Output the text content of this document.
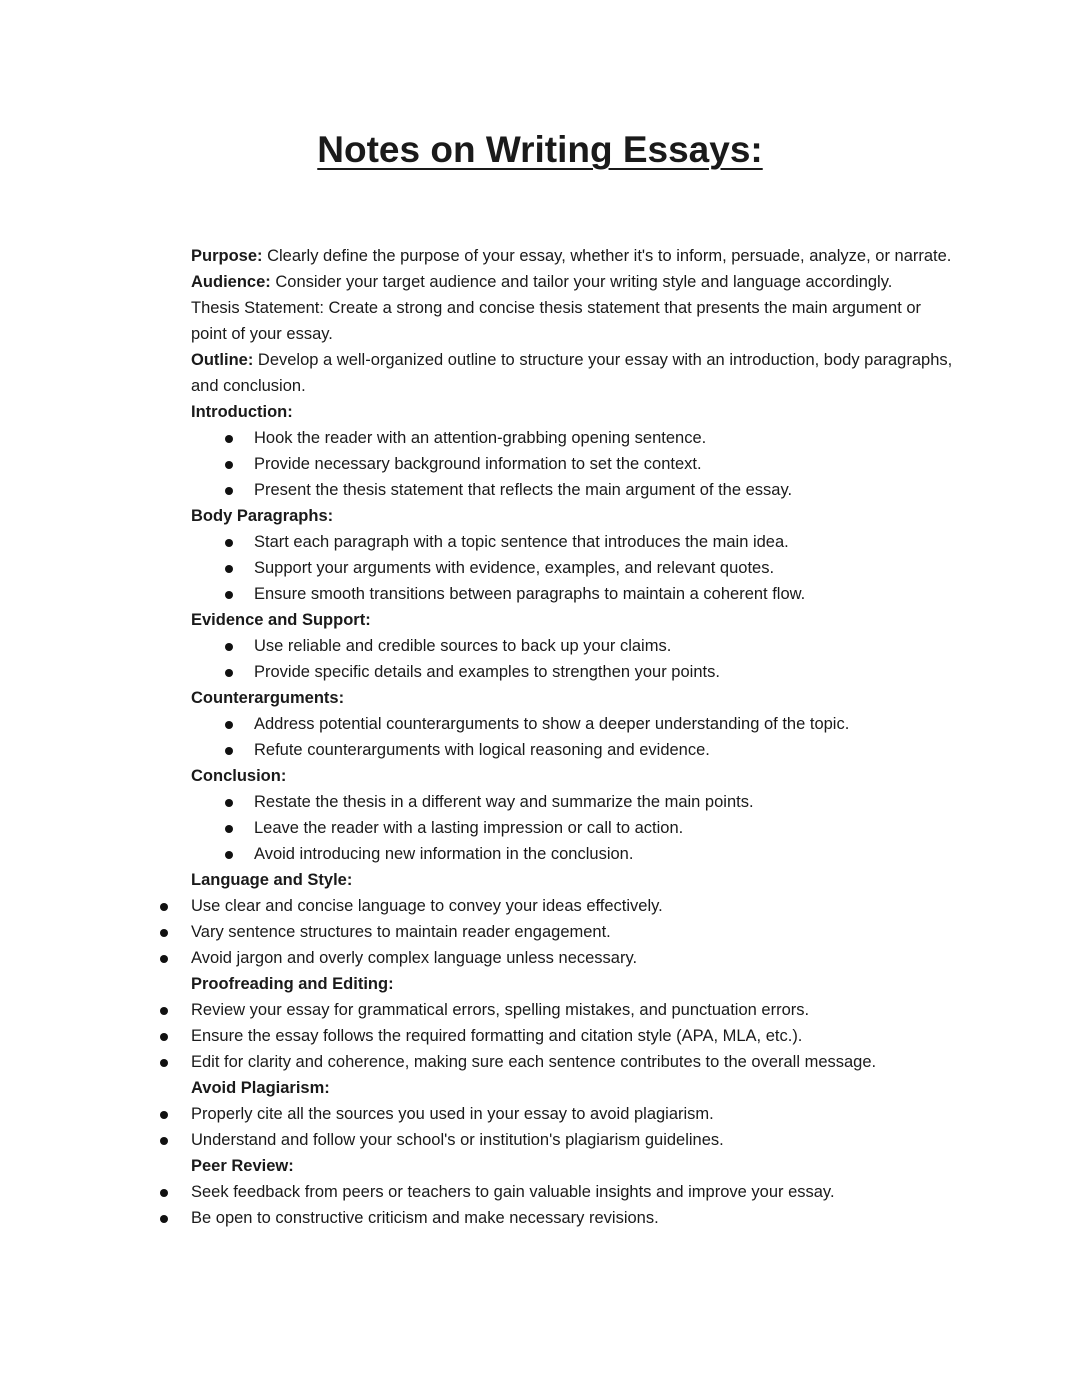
Notes on Writing Essays:

Purpose: Clearly define the purpose of your essay, whether it's to inform, persuade, analyze, or narrate.

Audience: Consider your target audience and tailor your writing style and language accordingly.

Thesis Statement: Create a strong and concise thesis statement that presents the main argument or point of your essay.

Outline: Develop a well-organized outline to structure your essay with an introduction, body paragraphs, and conclusion.

Introduction:

Hook the reader with an attention-grabbing opening sentence.
Provide necessary background information to set the context.
Present the thesis statement that reflects the main argument of the essay.

Body Paragraphs:

Start each paragraph with a topic sentence that introduces the main idea.
Support your arguments with evidence, examples, and relevant quotes.
Ensure smooth transitions between paragraphs to maintain a coherent flow.

Evidence and Support:

Use reliable and credible sources to back up your claims.
Provide specific details and examples to strengthen your points.

Counterarguments:

Address potential counterarguments to show a deeper understanding of the topic.
Refute counterarguments with logical reasoning and evidence.

Conclusion:

Restate the thesis in a different way and summarize the main points.
Leave the reader with a lasting impression or call to action.
Avoid introducing new information in the conclusion.

Language and Style:

Use clear and concise language to convey your ideas effectively.
Vary sentence structures to maintain reader engagement.
Avoid jargon and overly complex language unless necessary.

Proofreading and Editing:

Review your essay for grammatical errors, spelling mistakes, and punctuation errors.
Ensure the essay follows the required formatting and citation style (APA, MLA, etc.).
Edit for clarity and coherence, making sure each sentence contributes to the overall message.

Avoid Plagiarism:

Properly cite all the sources you used in your essay to avoid plagiarism.
Understand and follow your school's or institution's plagiarism guidelines.

Peer Review:

Seek feedback from peers or teachers to gain valuable insights and improve your essay.
Be open to constructive criticism and make necessary revisions.
